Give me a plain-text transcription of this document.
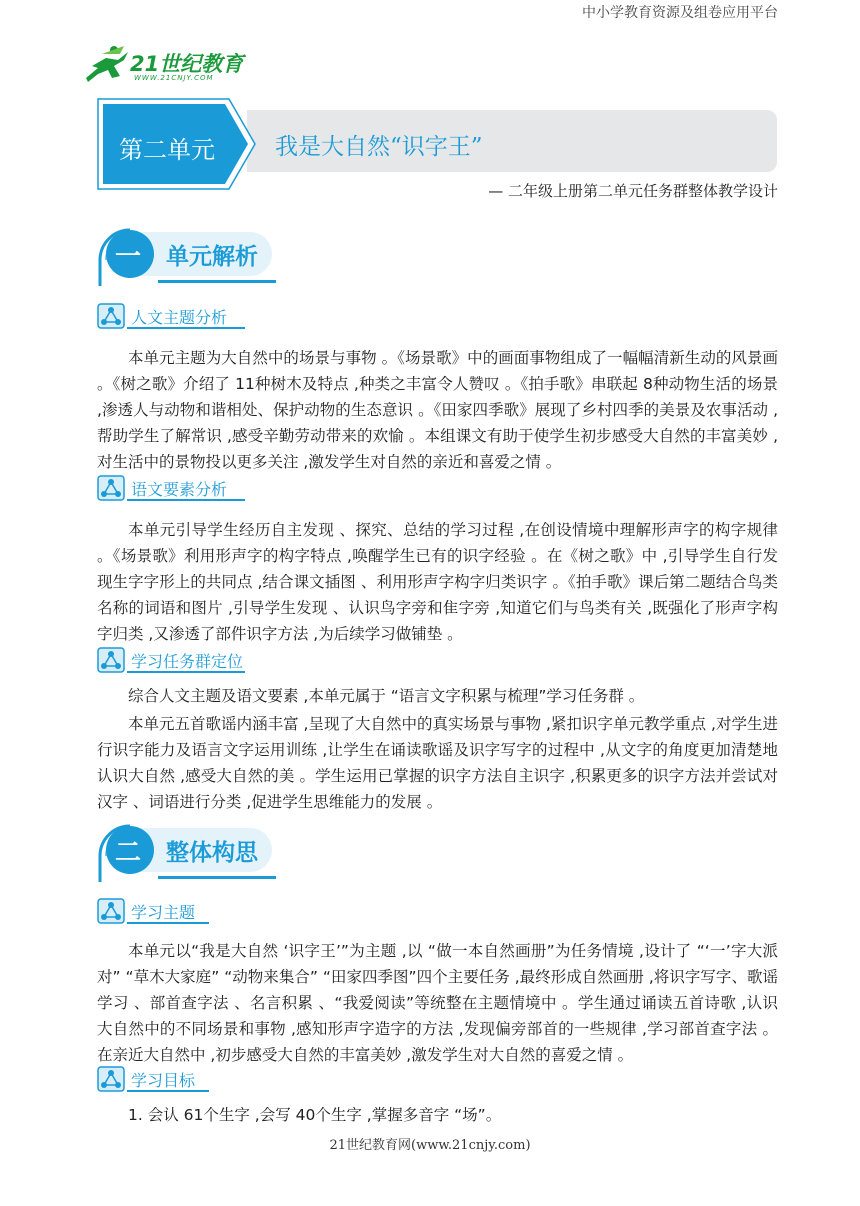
中小学教育资源及组卷应用平台
21世纪教育
WWW.21CNJY.COM
第二单元	我是大自然“识字王”
— 二年级上册第二单元任务群整体教学设计
一 单元解析
人文主题分析

本单元主题为大自然中的场景与事物 。《场景歌》中的画面事物组成了一幅幅清新生动的风景画 。《树之歌》介绍了 11种树木及特点 ,种类之丰富令人赞叹 。《拍手歌》串联起 8种动物生活的场景 ,渗透人与动物和谐相处、保护动物的生态意识 。《田家四季歌》展现了乡村四季的美景及农事活动 ,帮助学生了解常识 ,感受辛勤劳动带来的欢愉 。本组课文有助于使学生初步感受大自然的丰富美妙 ,对生活中的景物投以更多关注 ,激发学生对自然的亲近和喜爱之情 。

语文要素分析

本单元引导学生经历自主发现 、探究、总结的学习过程 ,在创设情境中理解形声字的构字规律 。《场景歌》利用形声字的构字特点 ,唤醒学生已有的识字经验 。在《树之歌》中 ,引导学生自行发现生字字形上的共同点 ,结合课文插图 、利用形声字构字归类识字 。《拍手歌》课后第二题结合鸟类名称的词语和图片 ,引导学生发现 、认识鸟字旁和隹字旁 ,知道它们与鸟类有关 ,既强化了形声字构字归类 ,又渗透了部件识字方法 ,为后续学习做铺垫 。

学习任务群定位

综合人文主题及语文要素 ,本单元属于 “语言文字积累与梳理”学习任务群 。

本单元五首歌谣内涵丰富 ,呈现了大自然中的真实场景与事物 ,紧扣识字单元教学重点 ,对学生进行识字能力及语言文字运用训练 ,让学生在诵读歌谣及识字写字的过程中 ,从文字的角度更加清楚地认识大自然 ,感受大自然的美 。学生运用已掌握的识字方法自主识字 ,积累更多的识字方法并尝试对汉字 、词语进行分类 ,促进学生思维能力的发展 。

二 整体构思
学习主题

本单元以“我是大自然 ‘识字王’”为主题 ,以 “做一本自然画册”为任务情境 ,设计了 “‘一’字大派对” “草木大家庭” “动物来集合” “田家四季图”四个主要任务 ,最终形成自然画册 ,将识字写字、歌谣学习 、部首查字法 、名言积累 、“我爱阅读”等统整在主题情境中 。学生通过诵读五首诗歌 ,认识大自然中的不同场景和事物 ,感知形声字造字的方法 ,发现偏旁部首的一些规律 ,学习部首查字法 。在亲近大自然中 ,初步感受大自然的丰富美妙 ,激发学生对大自然的喜爱之情 。

学习目标

1. 会认 61个生字 ,会写 40个生字 ,掌握多音字 “场”。

21世纪教育网(www.21cnjy.com)
